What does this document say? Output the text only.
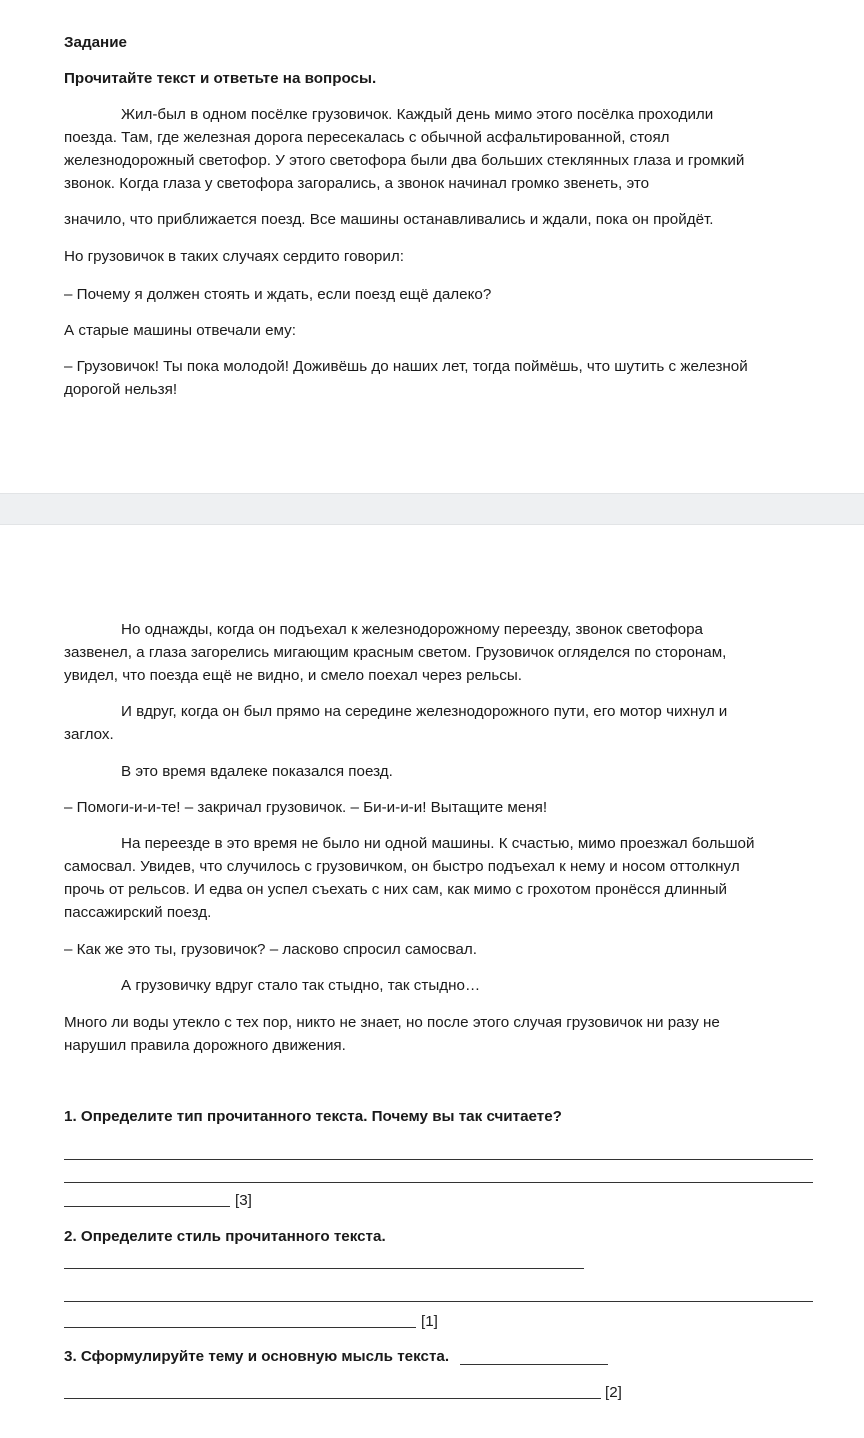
Задание
Прочитайте текст и ответьте на вопросы.
Жил-был в одном посёлке грузовичок. Каждый день мимо этого посёлка проходили
поезда. Там, где железная дорога пересекалась с обычной асфальтированной, стоял
железнодорожный светофор. У этого светофора были два больших стеклянных глаза и громкий
звонок. Когда глаза у светофора загорались, а звонок начинал громко звенеть, это
значило, что приближается поезд. Все машины останавливались и ждали, пока он пройдёт.
Но грузовичок в таких случаях сердито говорил:
– Почему я должен стоять и ждать, если поезд ещё далеко?
А старые машины отвечали ему:
– Грузовичок! Ты пока молодой! Доживёшь до наших лет, тогда поймёшь, что шутить с железной
дорогой нельзя!
Но однажды, когда он подъехал к железнодорожному переезду, звонок светофора
зазвенел, а глаза загорелись мигающим красным светом. Грузовичок огляделся по сторонам,
увидел, что поезда ещё не видно, и смело поехал через рельсы.
И вдруг, когда он был прямо на середине железнодорожного пути, его мотор чихнул и
заглох.
В это время вдалеке показался поезд.
– Помоги-и-и-те! – закричал грузовичок. – Би-и-и-и! Вытащите меня!
На переезде в это время не было ни одной машины. К счастью, мимо проезжал большой
самосвал. Увидев, что случилось с грузовичком, он быстро подъехал к нему и носом оттолкнул
прочь от рельсов. И едва он успел съехать с них сам, как мимо с грохотом пронёсся длинный
пассажирский поезд.
– Как же это ты, грузовичок? – ласково спросил самосвал.
А грузовичку вдруг стало так стыдно, так стыдно…
Много ли воды утекло с тех пор, никто не знает, но после этого случая грузовичок ни разу не
нарушил правила дорожного движения.
1. Определите тип прочитанного текста. Почему вы так считаете?
[3]
2. Определите стиль прочитанного текста.
[1]
3. Сформулируйте тему и основную мысль текста.
[2]
